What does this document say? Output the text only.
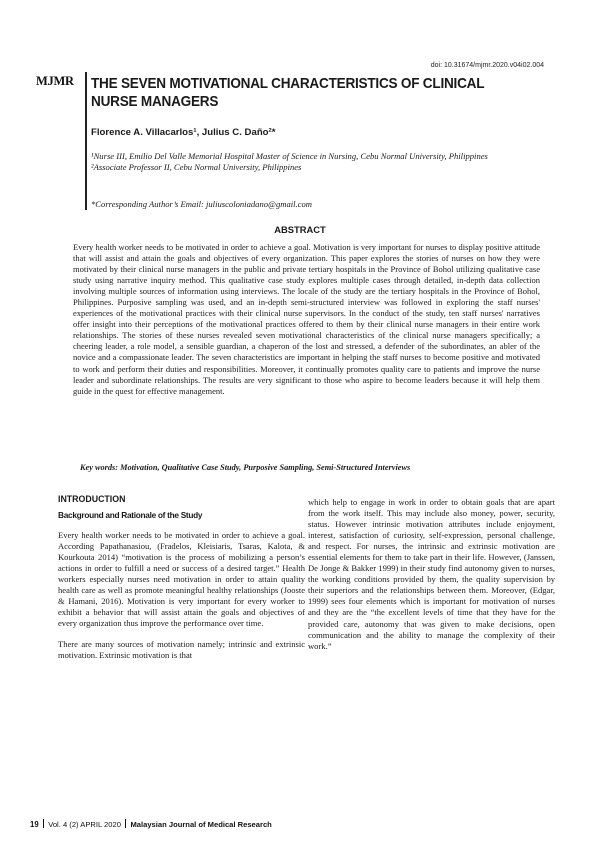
doi: 10.31674/mjmr.2020.v04i02.004
MJMR THE SEVEN MOTIVATIONAL CHARACTERISTICS OF CLINICAL NURSE MANAGERS
Florence A. Villacarlos¹, Julius C. Daño²*

¹Nurse III, Emilio Del Valle Memorial Hospital Master of Science in Nursing, Cebu Normal University, Philippines

²Associate Professor II, Cebu Normal University, Philippines

*Corresponding Author’s Email: juliuscoloniadano@gmail.com
ABSTRACT

Every health worker needs to be motivated in order to achieve a goal. Motivation is very important for nurses to display positive attitude that will assist and attain the goals and objectives of every organization. This paper explores the stories of nurses on how they were motivated by their clinical nurse managers in the public and private tertiary hospitals in the Province of Bohol utilizing qualitative case study using narrative inquiry method. This qualitative case study explores multiple cases through detailed, in-depth data collection involving multiple sources of information using interviews. The locale of the study are the tertiary hospitals in the Province of Bohol, Philippines. Purposive sampling was used, and an in-depth semi-structured interview was followed in exploring the staff nurses' experiences of the motivational practices with their clinical nurse supervisors. In the conduct of the study, ten staff nurses' narratives offer insight into their perceptions of the motivational practices offered to them by their clinical nurse managers in their entire work relationships. The stories of these nurses revealed seven motivational characteristics of the clinical nurse managers specifically; a cheering leader, a role model, a sensible guardian, a chaperon of the lost and stressed, a defender of the subordinates, an abler of the novice and a compassionate leader. The seven characteristics are important in helping the staff nurses to become positive and motivated to work and perform their duties and responsibilities. Moreover, it continually promotes quality care to patients and improve the nurse leader and subordinate relationships. The results are very significant to those who aspire to become leaders because it will help them guide in the quest for effective management.

Key words: Motivation, Qualitative Case Study, Purposive Sampling, Semi-Structured Interviews
INTRODUCTION
Background and Rationale of the Study

Every health worker needs to be motivated in order to achieve a goal. According Papathanasiou, (Fradelos, Kleisiaris, Tsaras, Kalota, & Kourkouta 2014) “motivation is the process of mobilizing a person’s actions in order to fulfill a need or success of a desired target.” Health workers especially nurses need motivation in order to attain quality health care as well as promote meaningful healthy relationships (Jooste & Hamani, 2016). Motivation is very important for every worker to exhibit a behavior that will assist attain the goals and objectives of every organization thus improve the performance over time.

There are many sources of motivation namely; intrinsic and extrinsic motivation. Extrinsic motivation is that

which help to engage in work in order to obtain goals that are apart from the work itself. This may include also money, power, security, status. However intrinsic motivation attributes include enjoyment, interest, satisfaction of curiosity, self-expression, personal challenge, and respect. For nurses, the intrinsic and extrinsic motivation are essential elements for them to take part in their life. However, (Janssen, De Jonge & Bakker 1999) in their study find autonomy given to nurses, the working conditions provided by them, the quality supervision by their superiors and the relationships between them. Moreover, (Edgar, 1999) sees four elements which is important for motivation of nurses and they are the “the excellent levels of time that they have for the provided care, autonomy that was given to make decisions, open communication and the ability to manage the complexity of their work.”

19 Vol. 4 (2) APRIL 2020 Malaysian Journal of Medical Research
